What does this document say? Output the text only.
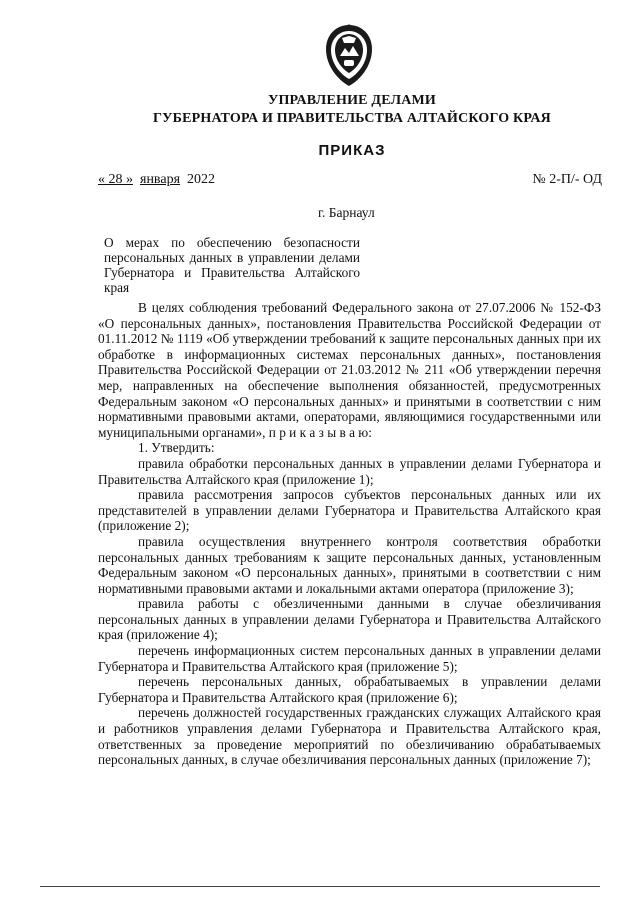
УПРАВЛЕНИЕ ДЕЛАМИ
ГУБЕРНАТОРА И ПРАВИТЕЛЬСТВА АЛТАЙСКОГО КРАЯ
ПРИКАЗ
« 28 » января 2022	№ 2-П/- ОД
г. Барнаул
О мерах по обеспечению безопасности персональных данных в управлении делами Губернатора и Правительства Алтайского края

В целях соблюдения требований Федерального закона от 27.07.2006 № 152-ФЗ «О персональных данных», постановления Правительства Российской Федерации от 01.11.2012 № 1119 «Об утверждении требований к защите персональных данных при их обработке в информационных системах персональных данных», постановления Правительства Российской Федерации от 21.03.2012 № 211 «Об утверждении перечня мер, направленных на обеспечение выполнения обязанностей, предусмотренных Федеральным законом «О персональных данных» и принятыми в соответствии с ним нормативными правовыми актами, операторами, являющимися государственными или муниципальными органами», п р и к а з ы в а ю:

1. Утвердить:

правила обработки персональных данных в управлении делами Губернатора и Правительства Алтайского края (приложение 1);

правила рассмотрения запросов субъектов персональных данных или их представителей в управлении делами Губернатора и Правительства Алтайского края (приложение 2);

правила осуществления внутреннего контроля соответствия обработки персональных данных требованиям к защите персональных данных, установленным Федеральным законом «О персональных данных», принятыми в соответствии с ним нормативными правовыми актами и локальными актами оператора (приложение 3);

правила работы с обезличенными данными в случае обезличивания персональных данных в управлении делами Губернатора и Правительства Алтайского края (приложение 4);

перечень информационных систем персональных данных в управлении делами Губернатора и Правительства Алтайского края (приложение 5);

перечень персональных данных, обрабатываемых в управлении делами Губернатора и Правительства Алтайского края (приложение 6);

перечень должностей государственных гражданских служащих Алтайского края и работников управления делами Губернатора и Правительства Алтайского края, ответственных за проведение мероприятий по обезличиванию обрабатываемых персональных данных, в случае обезличивания персональных данных (приложение 7);
